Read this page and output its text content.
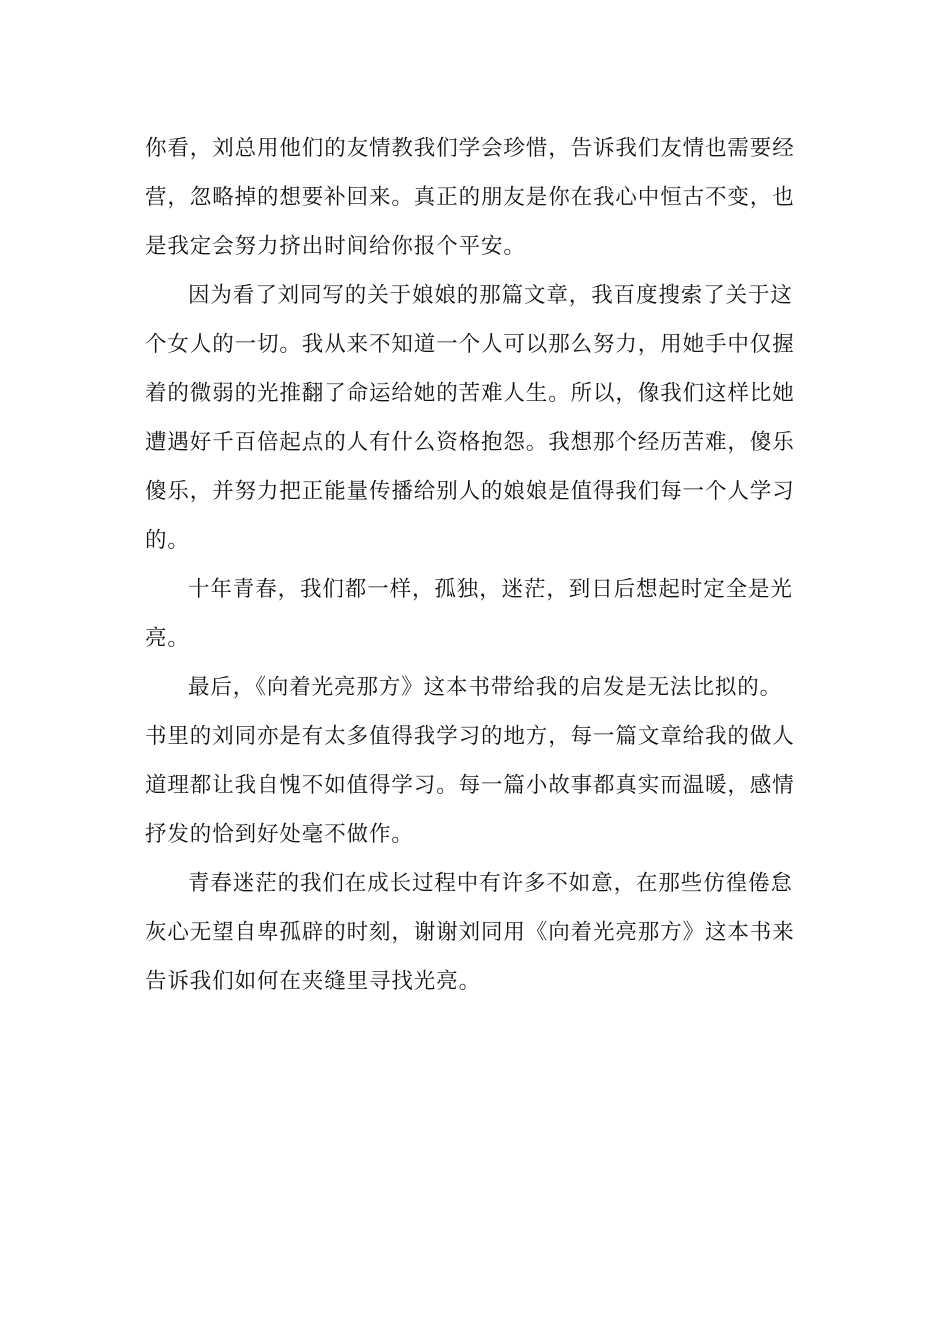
你看，刘总用他们的友情教我们学会珍惜，告诉我们友情也需要经
营，忽略掉的想要补回来。真正的朋友是你在我心中恒古不变，也
是我定会努力挤出时间给你报个平安。

因为看了刘同写的关于娘娘的那篇文章，我百度搜索了关于这
个女人的一切。我从来不知道一个人可以那么努力，用她手中仅握
着的微弱的光推翻了命运给她的苦难人生。所以，像我们这样比她
遭遇好千百倍起点的人有什么资格抱怨。我想那个经历苦难，傻乐
傻乐，并努力把正能量传播给别人的娘娘是值得我们每一个人学习
的。

十年青春，我们都一样，孤独，迷茫，到日后想起时定全是光
亮。

最后，《向着光亮那方》这本书带给我的启发是无法比拟的。
书里的刘同亦是有太多值得我学习的地方，每一篇文章给我的做人
道理都让我自愧不如值得学习。每一篇小故事都真实而温暖，感情
抒发的恰到好处毫不做作。

青春迷茫的我们在成长过程中有许多不如意，在那些仿徨倦怠
灰心无望自卑孤辟的时刻，谢谢刘同用《向着光亮那方》这本书来
告诉我们如何在夹缝里寻找光亮。
